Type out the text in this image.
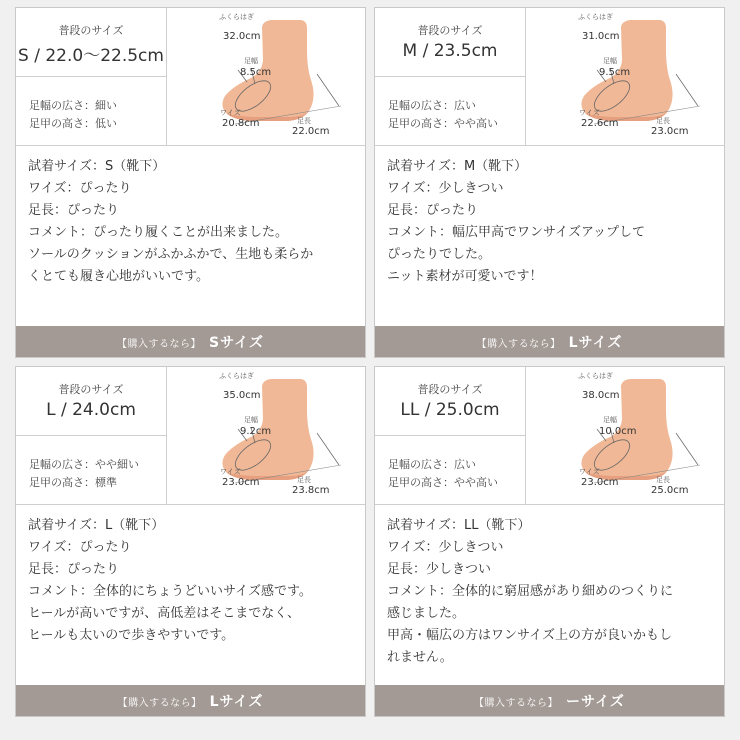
普段のサイズ
S / 22.0〜22.5cm
足幅の広さ：細い
足甲の高さ：低い
ふくらはぎ
32.0cm
足幅
8.5cm
ワイズ
20.8cm	足長
22.0cm

試着サイズ：S（靴下）

ワイズ：ぴったり

足長：ぴったり

コメント：ぴったり履くことが出来ました。

ソールのクッションがふかふかで、生地も柔らか

くとても履き心地がいいです。

【購入するなら】 Sサイズ
普段のサイズ
M / 23.5cm
足幅の広さ：広い
足甲の高さ：やや高い
ふくらはぎ
31.0cm
足幅
9.5cm
ワイズ
22.6cm	足長
23.0cm

試着サイズ：M（靴下）

ワイズ：少しきつい

足長：ぴったり

コメント：幅広甲高でワンサイズアップして

ぴったりでした。

ニット素材が可愛いです！

【購入するなら】 Lサイズ
普段のサイズ
L / 24.0cm
足幅の広さ：やや細い
足甲の高さ：標準
ふくらはぎ
35.0cm
足幅
9.2cm
ワイズ
23.0cm	足長
23.8cm

試着サイズ：L（靴下）

ワイズ：ぴったり

足長：ぴったり

コメント：全体的にちょうどいいサイズ感です。

ヒールが高いですが、高低差はそこまでなく、

ヒールも太いので歩きやすいです。

【購入するなら】 Lサイズ
普段のサイズ
LL / 25.0cm
足幅の広さ：広い
足甲の高さ：やや高い
ふくらはぎ
38.0cm
足幅
10.0cm
ワイズ
23.0cm	足長
25.0cm

試着サイズ：LL（靴下）

ワイズ：少しきつい

足長：少しきつい

コメント：全体的に窮屈感があり細めのつくりに

感じました。

甲高・幅広の方はワンサイズ上の方が良いかもし

れません。

【購入するなら】 ーサイズ
